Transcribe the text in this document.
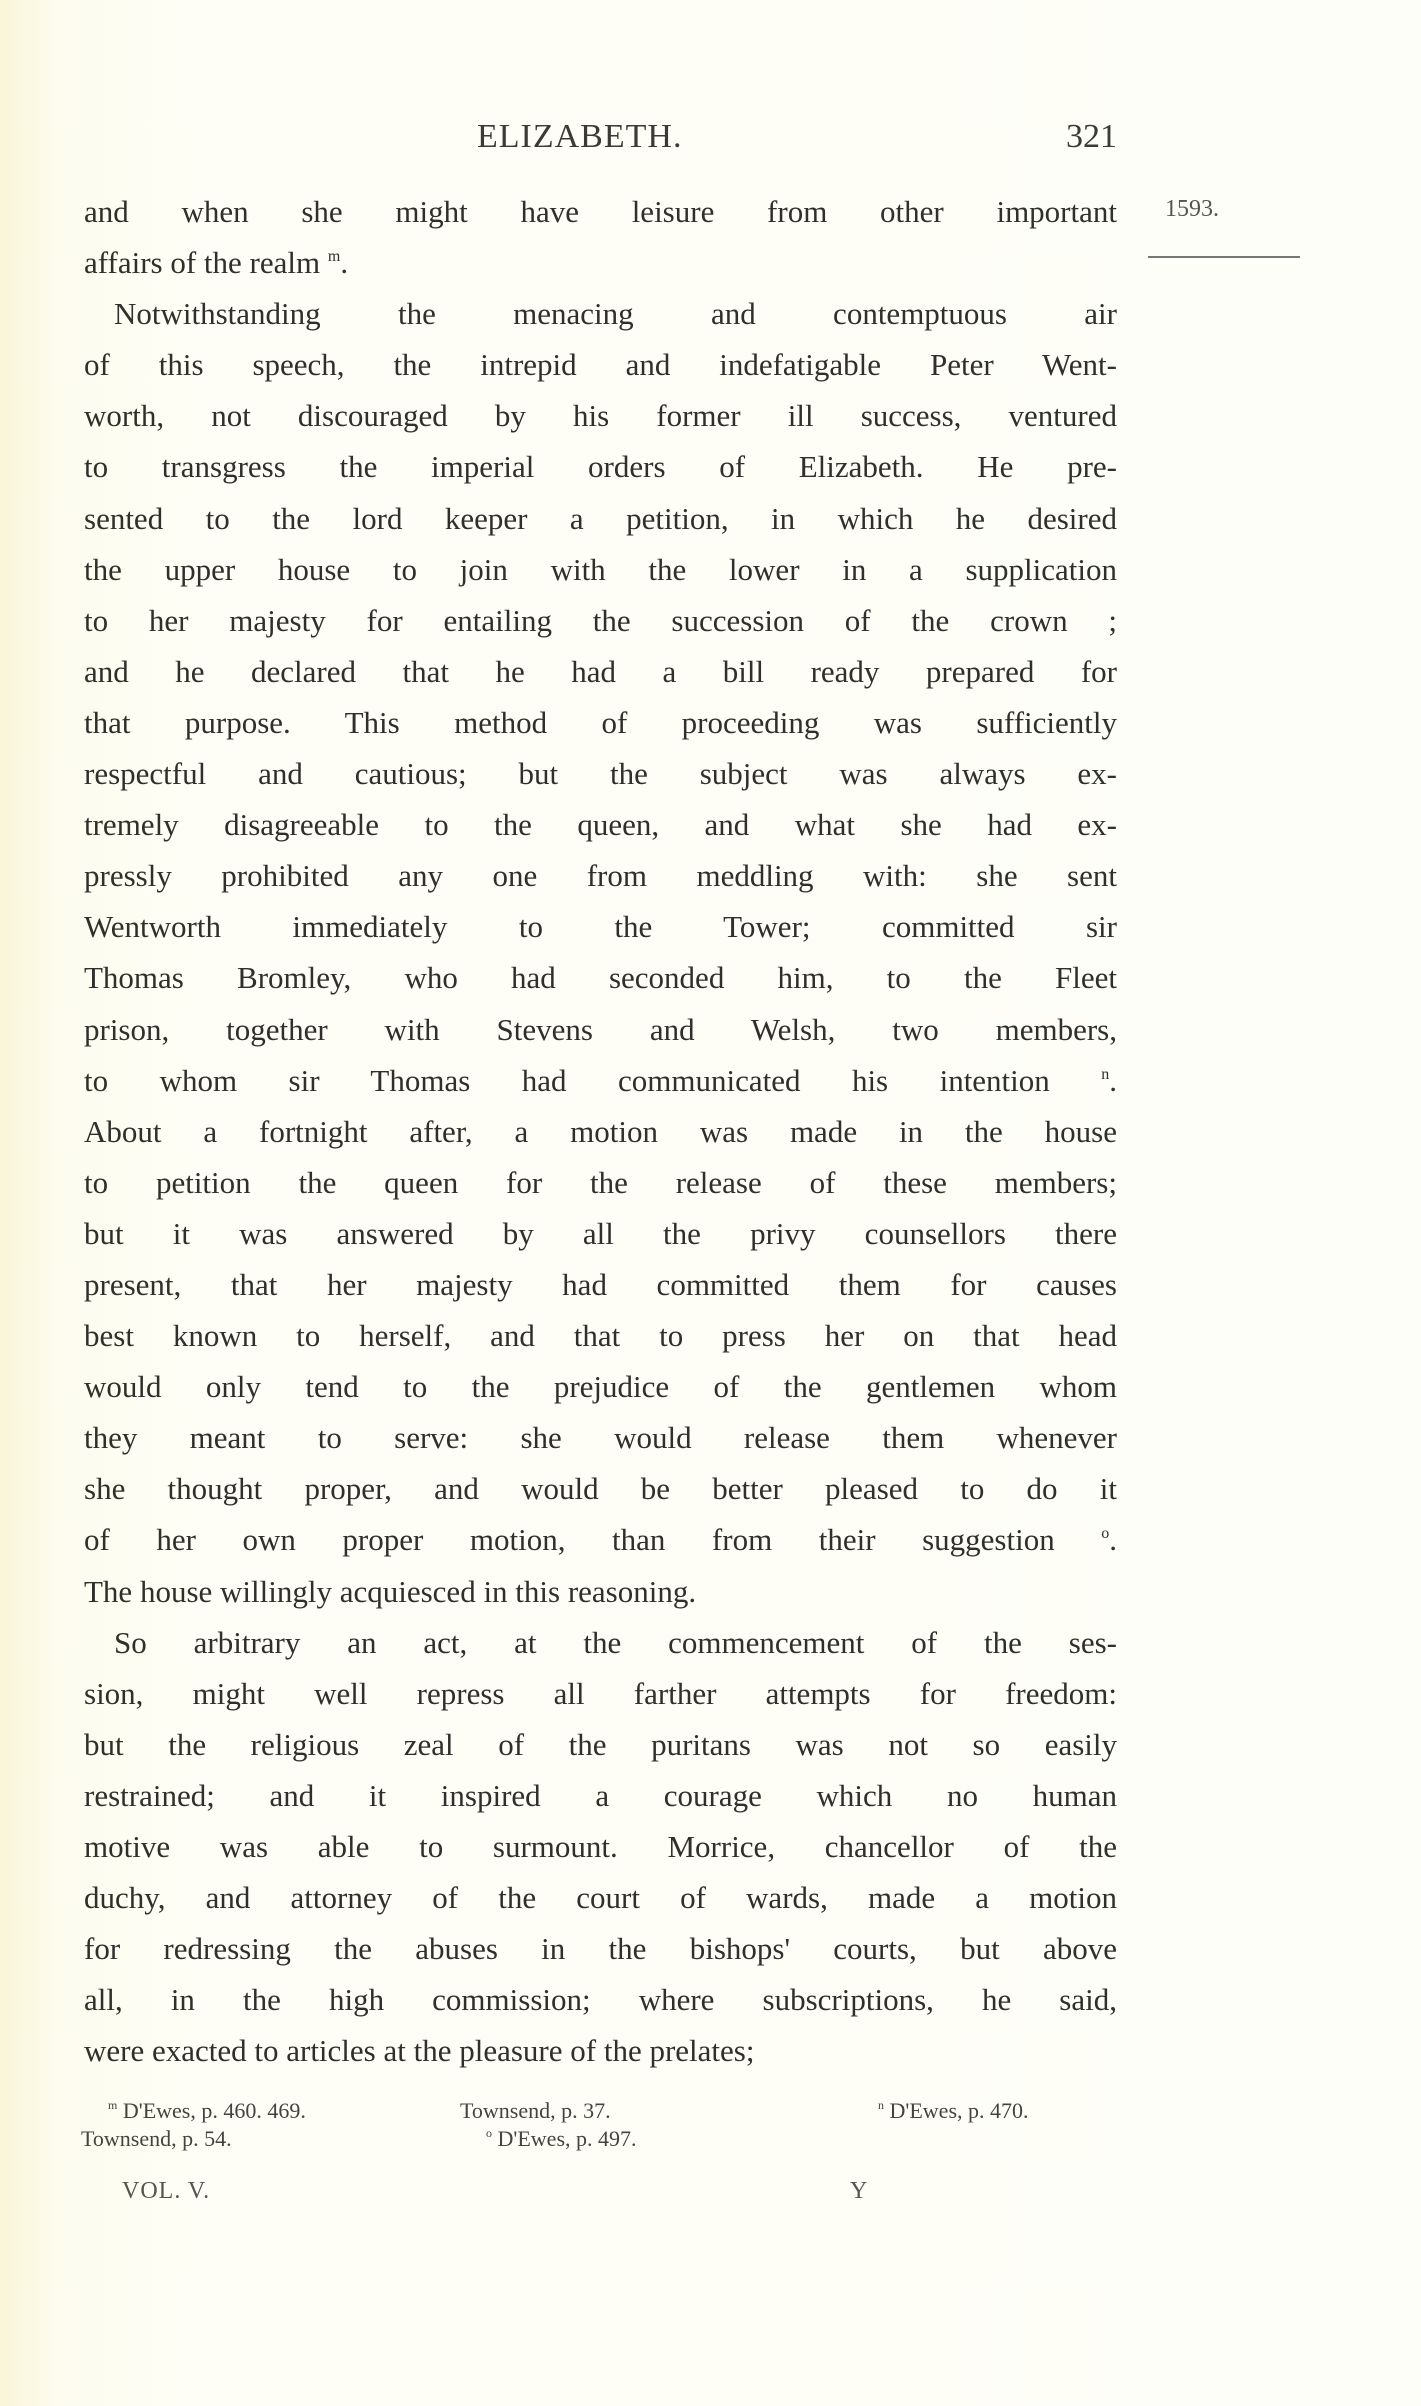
ELIZABETH.	321
1593.
and when she might have leisure from other important
affairs of the realm $^m$.
Notwithstanding the menacing and contemptuous air
of this speech, the intrepid and indefatigable Peter Went-
worth, not discouraged by his former ill success, ventured
to transgress the imperial orders of Elizabeth. He pre-
sented to the lord keeper a petition, in which he desired
the upper house to join with the lower in a supplication
to her majesty for entailing the succession of the crown ;
and he declared that he had a bill ready prepared for
that purpose. This method of proceeding was sufficiently
respectful and cautious; but the subject was always ex-
tremely disagreeable to the queen, and what she had ex-
pressly prohibited any one from meddling with: she sent
Wentworth immediately to the Tower; committed sir
Thomas Bromley, who had seconded him, to the Fleet
prison, together with Stevens and Welsh, two members,
to whom sir Thomas had communicated his intention	$^n$.
About a fortnight after, a motion was made in the house
to petition the queen for the release of these members;
but it was answered by all the privy counsellors there
present, that her majesty had committed them for causes
best known to herself, and that to press her on that head
would only tend to the prejudice of the gentlemen whom
they meant to serve: she would release them whenever
she thought proper, and would be better pleased to do it
of her own proper motion, than from their suggestion	$^o$.
The house willingly acquiesced in this reasoning.
So arbitrary an act, at the commencement of the ses-
sion, might well repress all farther attempts for freedom:
but the religious zeal of the puritans was not so easily
restrained; and it inspired a courage which no human
motive was able to surmount. Morrice, chancellor of the
duchy, and attorney of the court of wards, made a motion
for redressing the abuses in the bishops' courts, but above
all, in the high commission; where subscriptions, he said,
were exacted to articles at the pleasure of the prelates;
$^m$ D'Ewes, p. 460. 469.	Townsend, p. 37.	$^n$ D'Ewes, p. 470.
Townsend, p. 54.	$^o$ D'Ewes, p. 497.
VOL. V.	Y
